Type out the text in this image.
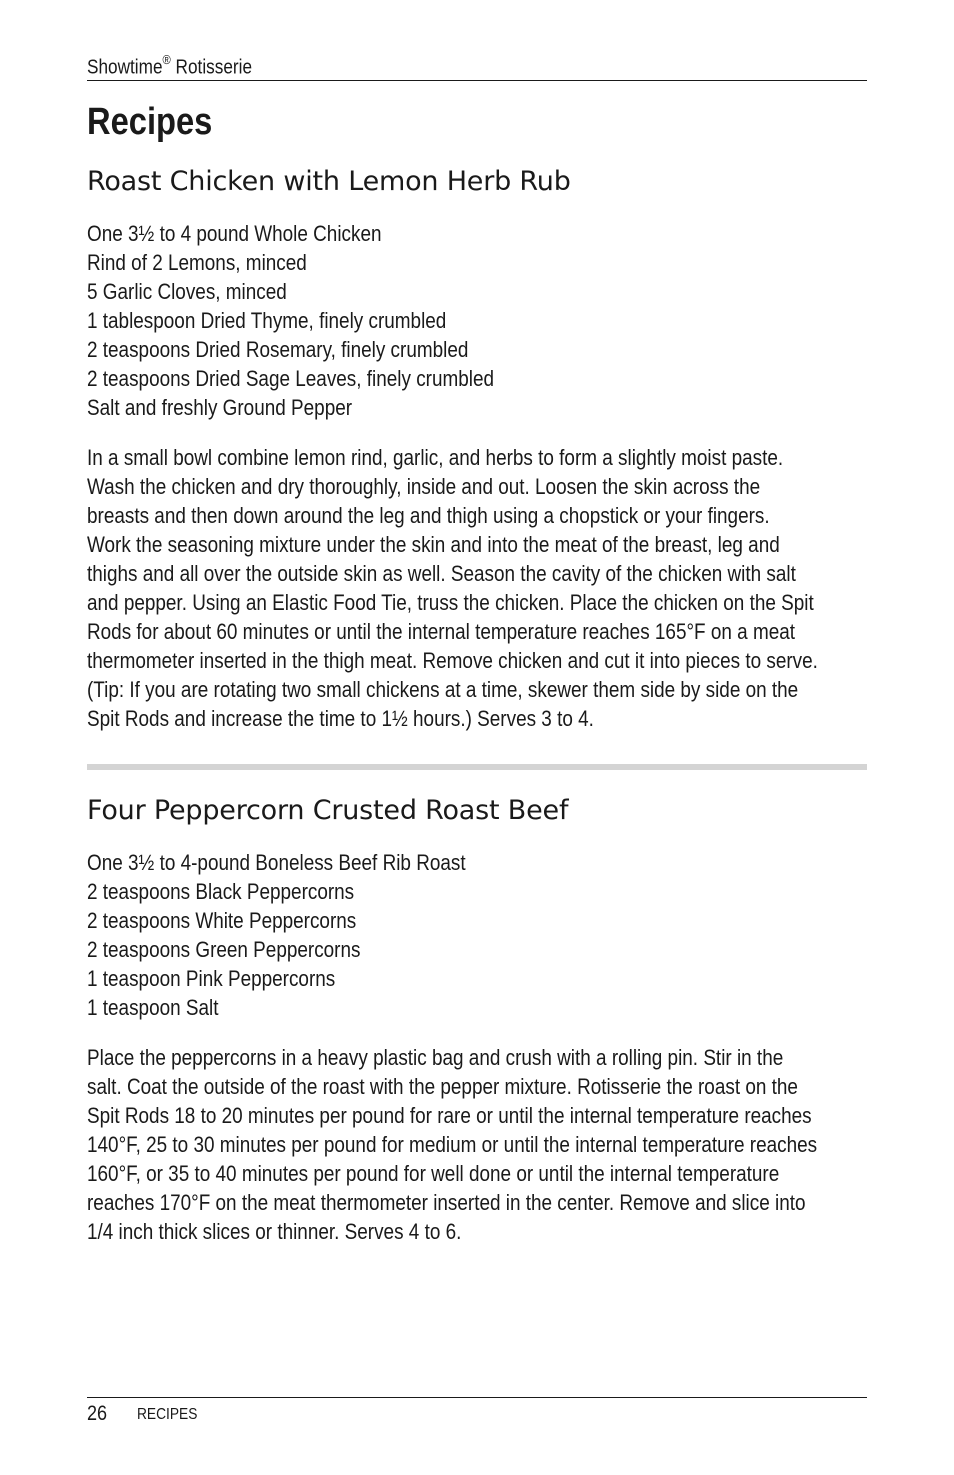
Showtime® Rotisserie
Recipes
Roast Chicken with Lemon Herb Rub
One 3½ to 4 pound Whole Chicken
Rind of 2 Lemons, minced
5 Garlic Cloves, minced
1 tablespoon Dried Thyme, finely crumbled
2 teaspoons Dried Rosemary, finely crumbled
2 teaspoons Dried Sage Leaves, finely crumbled
Salt and freshly Ground Pepper
In a small bowl combine lemon rind, garlic, and herbs to form a slightly moist paste.
Wash the chicken and dry thoroughly, inside and out. Loosen the skin across the
breasts and then down around the leg and thigh using a chopstick or your fingers.
Work the seasoning mixture under the skin and into the meat of the breast, leg and
thighs and all over the outside skin as well. Season the cavity of the chicken with salt
and pepper. Using an Elastic Food Tie, truss the chicken. Place the chicken on the Spit
Rods for about 60 minutes or until the internal temperature reaches 165°F on a meat
thermometer inserted in the thigh meat. Remove chicken and cut it into pieces to serve.
(Tip: If you are rotating two small chickens at a time, skewer them side by side on the
Spit Rods and increase the time to 1½ hours.) Serves 3 to 4.
Four Peppercorn Crusted Roast Beef
One 3½ to 4-pound Boneless Beef Rib Roast
2 teaspoons Black Peppercorns
2 teaspoons White Peppercorns
2 teaspoons Green Peppercorns
1 teaspoon Pink Peppercorns
1 teaspoon Salt
Place the peppercorns in a heavy plastic bag and crush with a rolling pin. Stir in the
salt. Coat the outside of the roast with the pepper mixture. Rotisserie the roast on the
Spit Rods 18 to 20 minutes per pound for rare or until the internal temperature reaches
140°F, 25 to 30 minutes per pound for medium or until the internal temperature reaches
160°F, or 35 to 40 minutes per pound for well done or until the internal temperature
reaches 170°F on the meat thermometer inserted in the center. Remove and slice into
1/4 inch thick slices or thinner. Serves 4 to 6.
26 RECIPES
